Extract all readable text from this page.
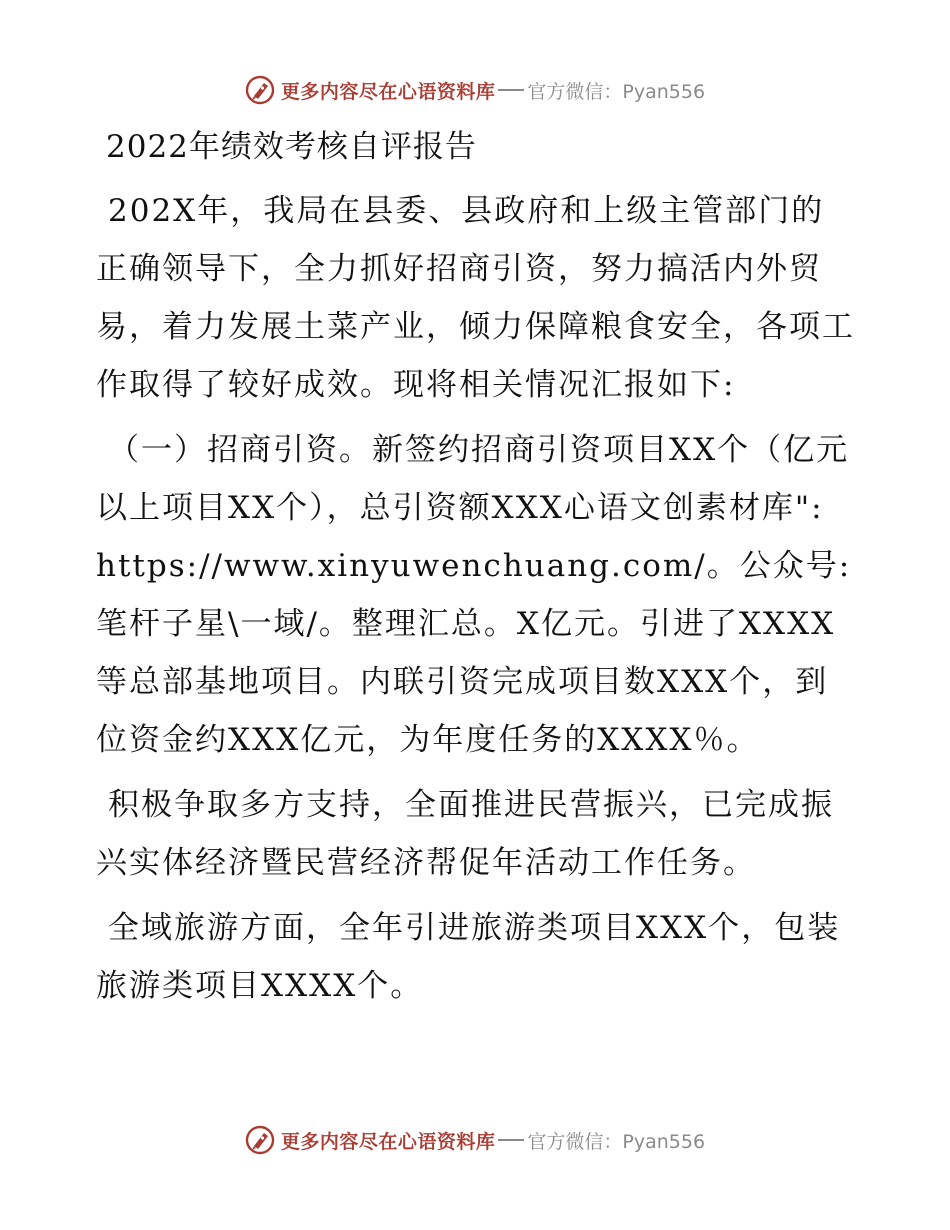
更多内容尽在心语资料库 官方微信：Pyan556
2022年绩效考核自评报告

202X年，我局在县委、县政府和上级主管部门的正确领导下，全力抓好招商引资，努力搞活内外贸易，着力发展土菜产业，倾力保障粮食安全，各项工作取得了较好成效。现将相关情况汇报如下:

（一）招商引资。新签约招商引资项目XX个（亿元以上项目XX个），总引资额XXX心语文创素材库": https://www.xinyuwenchuang.com/。公众号: 笔杆子星\一域/。整理汇总。X亿元。引进了XXXX等总部基地项目。内联引资完成项目数XXX个，到位资金约XXX亿元，为年度任务的XXXX％。

积极争取多方支持，全面推进民营振兴，已完成振兴实体经济暨民营经济帮促年活动工作任务。

全域旅游方面，全年引进旅游类项目XXX个，包装旅游类项目XXXX个。

更多内容尽在心语资料库 官方微信：Pyan556
